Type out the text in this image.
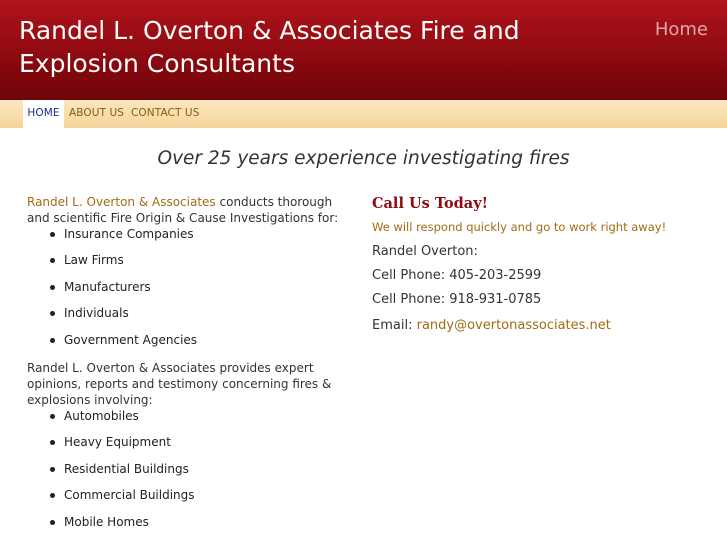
Randel L. Overton & Associates Fire and Explosion Consultants
Home
HOME ABOUT US CONTACT US
Over 25 years experience investigating fires

Randel L. Overton & Associates conducts thorough and scientific Fire Origin & Cause Investigations for:

Insurance Companies
Law Firms
Manufacturers
Individuals
Government Agencies

Randel L. Overton & Associates provides expert opinions, reports and testimony concerning fires & explosions involving:

Automobiles
Heavy Equipment
Residential Buildings
Commercial Buildings
Mobile Homes
Call Us Today!
We will respond quickly and go to work right away!
Randel Overton:
Cell Phone: 405-203-2599
Cell Phone: 918-931-0785
Email: randy@overtonassociates.net
